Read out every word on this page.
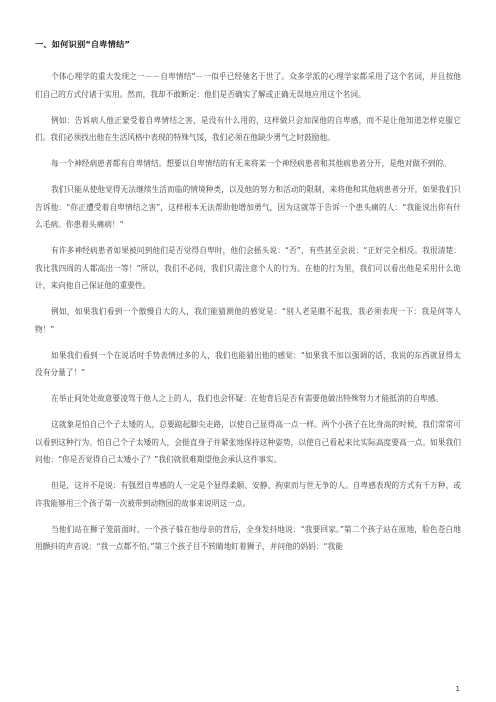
一、如何识别“自卑情结”

个体心理学的重大发现之一－－自卑情结”－一似乎已经驰名于世了。众多学派的心理学家都采用了这个名词，并且按他们自己的方式付诸于实用。然而，我却不敢断定：他们是否确实了解或正确无误地应用这个名词。

例如：告诉病人他正蒙受着自卑情结之害，是没有什么用的，这样做只会加深他的自卑感，而不是让他知道怎样克服它们。我们必须找出他在生活风格中表现的特殊气馁，我们必须在他缺少勇气之时鼓励他。

每一个神经病患者都有自卑情结。想要以自卑情结的有无来将某一个神经病患者和其他病患者分开，是绝对做不到的。

我们只能从使他觉得无法继续生活而临的情境种类，以及他的努力和活动的限制，来将他和其他病患者分开。如果我们只告诉他：“你正遭受着自卑情结之害”，这样根本无法帮助他增加勇气，因为这就等于告诉一个患头痛的人：“我能说出你有什么毛病。你患着头痛病！”

有许多神经病患者如果被问到他们是否觉得自卑时，他们会摇头说：“否”，有些甚至会说：“正好完全相反。我很清楚：我比我四周的人都高出一等！”所以，我们不必问，我们只需注意个人的行为。在他的行为里，我们可以看出他是采用什么诡计，来向他自己保证他的重要性。

例如，如果我们看到一个傲慢自大的人，我们能猜测他的感觉是：“别人老是瞧不起我，我必须表现一下：我是何等人物！”

如果我们看到一个在说话时手势表情过多的人，我们也能猜出他的感觉：“如果我不加以强调的话，我说的东西就显得太没有分量了！”

在举止间处处故意要凌驾于他人之上的人，我们也会怀疑：在他背后是否有需要他做出特殊努力才能抵消的自卑感。

这就象是怕自己个子太矮的人，总要踮起脚尖走路，以使自己显得高一点一样。两个小孩子在比身高的时候，我们常常可以看到这种行为。怕自己个子太矮的人，会挺直身子并紧张地保持这种姿势，以使自己看起来比实际高度要高一点。如果我们问他：“你是否觉得自己太矮小了？”我们就很难期望他会承认这件事实。

但是，这并不是说：有强烈自卑感的人一定是个显得柔顺、安静、拘束而与世无争的人。自卑感表现的方式有千万种，或许我能够用三个孩子第一次被带到动物园的故事来说明这一点。

当他们站在狮子笼前面时，一个孩子躲在他母亲的背后，全身发抖地说：“我要回家。”第二个孩子站在原地，脸色苍白地用颤抖的声音说：“我一点都不怕。”第三个孩子目不转睛地盯着狮子，并问他的妈妈：“我能

1
